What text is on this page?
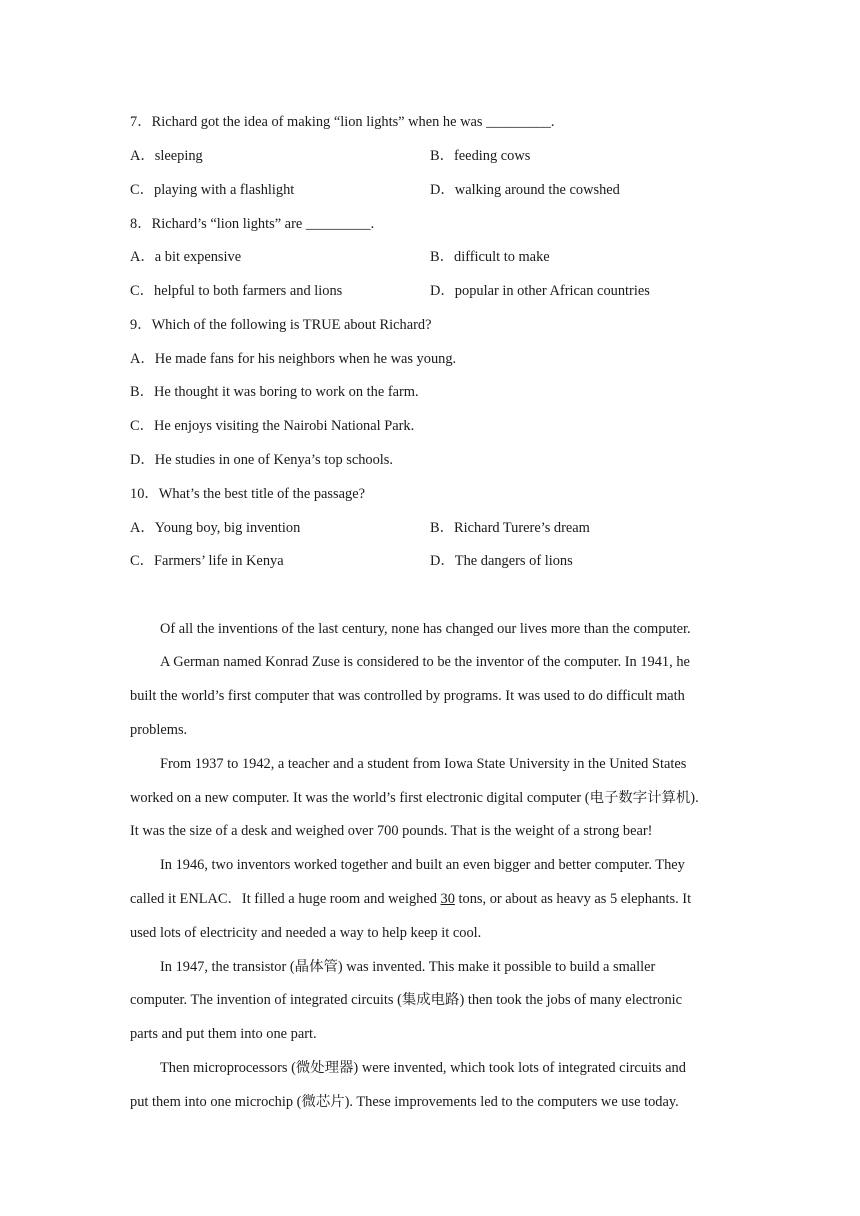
7．Richard got the idea of making “lion lights” when he was _________.
A．sleeping	B．feeding cows
C．playing with a flashlight	D．walking around the cowshed
8．Richard’s “lion lights” are _________.
A．a bit expensive	B．difficult to make
C．helpful to both farmers and lions	D．popular in other African countries
9．Which of the following is TRUE about Richard?
A．He made fans for his neighbors when he was young.
B．He thought it was boring to work on the farm.
C．He enjoys visiting the Nairobi National Park.
D．He studies in one of Kenya’s top schools.
10．What’s the best title of the passage?
A．Young boy, big invention	B．Richard Turere’s dream
C．Farmers’ life in Kenya	D．The dangers of lions
Of all the inventions of the last century, none has changed our lives more than the computer.
A German named Konrad Zuse is considered to be the inventor of the computer. In 1941, he
built the world’s first computer that was controlled by programs. It was used to do difficult math
problems.
From 1937 to 1942, a teacher and a student from Iowa State University in the United States
worked on a new computer. It was the world’s first electronic digital computer (电子数字计算机).
It was the size of a desk and weighed over 700 pounds. That is the weight of a strong bear!
In 1946, two inventors worked together and built an even bigger and better computer. They
called it ENLAC．It filled a huge room and weighed 30 tons, or about as heavy as 5 elephants. It
used lots of electricity and needed a way to help keep it cool.
In 1947, the transistor (晶体管) was invented. This make it possible to build a smaller
computer. The invention of integrated circuits (集成电路) then took the jobs of many electronic
parts and put them into one part.
Then microprocessors (微处理器) were invented, which took lots of integrated circuits and
put them into one microchip (微芯片). These improvements led to the computers we use today.
